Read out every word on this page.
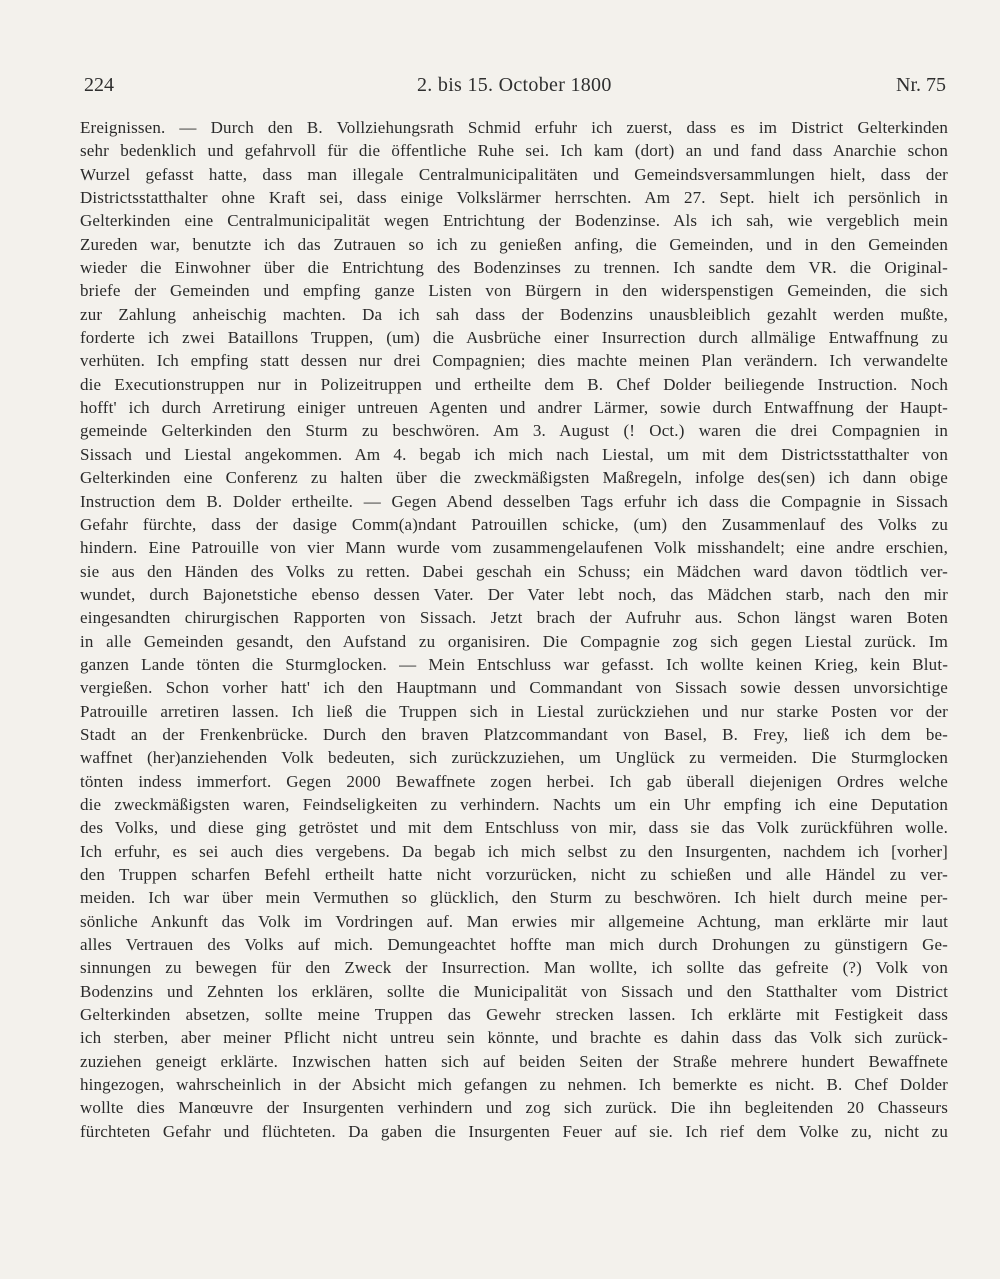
224	2. bis 15. October 1800	Nr. 75
Ereignissen. — Durch den B. Vollziehungsrath Schmid erfuhr ich zuerst, dass es im District Gelterkinden
sehr bedenklich und gefahrvoll für die öffentliche Ruhe sei. Ich kam (dort) an und fand dass Anarchie schon
Wurzel gefasst hatte, dass man illegale Centralmunicipalitäten und Gemeindsversammlungen hielt, dass der
Districtsstatthalter ohne Kraft sei, dass einige Volkslärmer herrschten. Am 27. Sept. hielt ich persönlich in
Gelterkinden eine Centralmunicipalität wegen Entrichtung der Bodenzinse. Als ich sah, wie vergeblich mein
Zureden war, benutzte ich das Zutrauen so ich zu genießen anfing, die Gemeinden, und in den Gemeinden
wieder die Einwohner über die Entrichtung des Bodenzinses zu trennen. Ich sandte dem VR. die Original-
briefe der Gemeinden und empfing ganze Listen von Bürgern in den widerspenstigen Gemeinden, die sich
zur Zahlung anheischig machten. Da ich sah dass der Bodenzins unausbleiblich gezahlt werden mußte,
forderte ich zwei Bataillons Truppen, (um) die Ausbrüche einer Insurrection durch allmälige Entwaffnung zu
verhüten. Ich empfing statt dessen nur drei Compagnien; dies machte meinen Plan verändern. Ich verwandelte
die Executionstruppen nur in Polizeitruppen und ertheilte dem B. Chef Dolder beiliegende Instruction. Noch
hofft' ich durch Arretirung einiger untreuen Agenten und andrer Lärmer, sowie durch Entwaffnung der Haupt-
gemeinde Gelterkinden den Sturm zu beschwören. Am 3. August (! Oct.) waren die drei Compagnien in
Sissach und Liestal angekommen. Am 4. begab ich mich nach Liestal, um mit dem Districtsstatthalter von
Gelterkinden eine Conferenz zu halten über die zweckmäßigsten Maßregeln, infolge des(sen) ich dann obige
Instruction dem B. Dolder ertheilte. — Gegen Abend desselben Tags erfuhr ich dass die Compagnie in Sissach
Gefahr fürchte, dass der dasige Comm(a)ndant Patrouillen schicke, (um) den Zusammenlauf des Volks zu
hindern. Eine Patrouille von vier Mann wurde vom zusammengelaufenen Volk misshandelt; eine andre erschien,
sie aus den Händen des Volks zu retten. Dabei geschah ein Schuss; ein Mädchen ward davon tödtlich ver-
wundet, durch Bajonetstiche ebenso dessen Vater. Der Vater lebt noch, das Mädchen starb, nach den mir
eingesandten chirurgischen Rapporten von Sissach. Jetzt brach der Aufruhr aus. Schon längst waren Boten
in alle Gemeinden gesandt, den Aufstand zu organisiren. Die Compagnie zog sich gegen Liestal zurück. Im
ganzen Lande tönten die Sturmglocken. — Mein Entschluss war gefasst. Ich wollte keinen Krieg, kein Blut-
vergießen. Schon vorher hatt' ich den Hauptmann und Commandant von Sissach sowie dessen unvorsichtige
Patrouille arretiren lassen. Ich ließ die Truppen sich in Liestal zurückziehen und nur starke Posten vor der
Stadt an der Frenkenbrücke. Durch den braven Platzcommandant von Basel, B. Frey, ließ ich dem be-
waffnet (her)anziehenden Volk bedeuten, sich zurückzuziehen, um Unglück zu vermeiden. Die Sturmglocken
tönten indess immerfort. Gegen 2000 Bewaffnete zogen herbei. Ich gab überall diejenigen Ordres welche
die zweckmäßigsten waren, Feindseligkeiten zu verhindern. Nachts um ein Uhr empfing ich eine Deputation
des Volks, und diese ging getröstet und mit dem Entschluss von mir, dass sie das Volk zurückführen wolle.
Ich erfuhr, es sei auch dies vergebens. Da begab ich mich selbst zu den Insurgenten, nachdem ich [vorher]
den Truppen scharfen Befehl ertheilt hatte nicht vorzurücken, nicht zu schießen und alle Händel zu ver-
meiden. Ich war über mein Vermuthen so glücklich, den Sturm zu beschwören. Ich hielt durch meine per-
sönliche Ankunft das Volk im Vordringen auf. Man erwies mir allgemeine Achtung, man erklärte mir laut
alles Vertrauen des Volks auf mich. Demungeachtet hoffte man mich durch Drohungen zu günstigern Ge-
sinnungen zu bewegen für den Zweck der Insurrection. Man wollte, ich sollte das gefreite (?) Volk von
Bodenzins und Zehnten los erklären, sollte die Municipalität von Sissach und den Statthalter vom District
Gelterkinden absetzen, sollte meine Truppen das Gewehr strecken lassen. Ich erklärte mit Festigkeit dass
ich sterben, aber meiner Pflicht nicht untreu sein könnte, und brachte es dahin dass das Volk sich zurück-
zuziehen geneigt erklärte. Inzwischen hatten sich auf beiden Seiten der Straße mehrere hundert Bewaffnete
hingezogen, wahrscheinlich in der Absicht mich gefangen zu nehmen. Ich bemerkte es nicht. B. Chef Dolder
wollte dies Manœuvre der Insurgenten verhindern und zog sich zurück. Die ihn begleitenden 20 Chasseurs
fürchteten Gefahr und flüchteten. Da gaben die Insurgenten Feuer auf sie. Ich rief dem Volke zu, nicht zu
